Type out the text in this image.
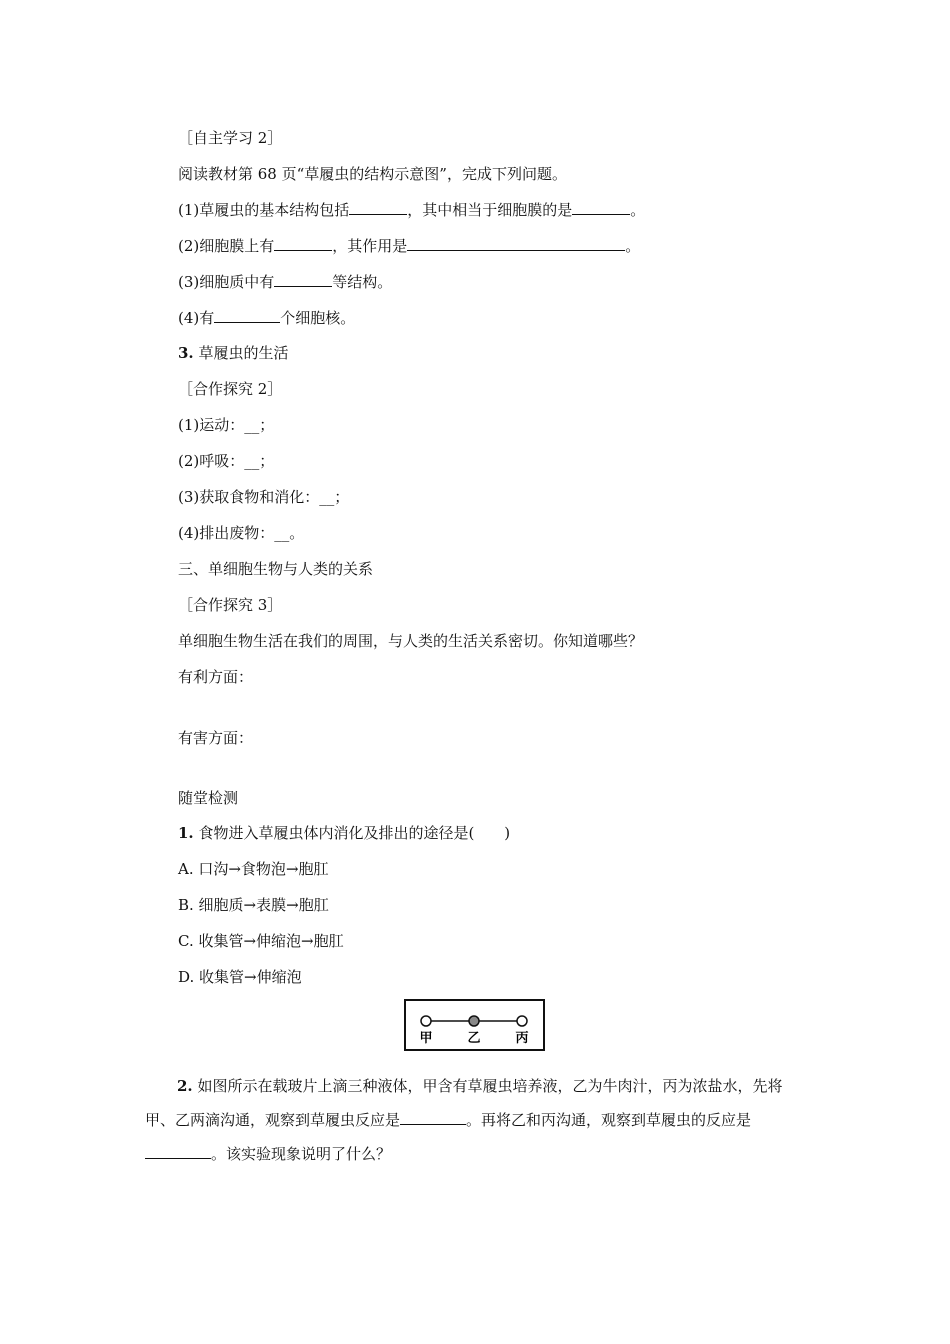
［自主学习 2］
阅读教材第 68 页“草履虫的结构示意图”，完成下列问题。
(1)草履虫的基本结构包括	，其中相当于细胞膜的是	。
(2)细胞膜上有	，其作用是	。
(3)细胞质中有	等结构。
(4)有	个细胞核。
3. 草履虫的生活
［合作探究 2］
(1)运动：__；
(2)呼吸：__；
(3)获取食物和消化：__；
(4)排出废物：__。
三、单细胞生物与人类的关系
［合作探究 3］
单细胞生物生活在我们的周围，与人类的生活关系密切。你知道哪些？
有利方面：
有害方面：
随堂检测
1. 食物进入草履虫体内消化及排出的途径是(　　)
A. 口沟→食物泡→胞肛
B. 细胞质→表膜→胞肛
C. 收集管→伸缩泡→胞肛
D. 收集管→伸缩泡
甲	乙	丙
2. 如图所示在载玻片上滴三种液体，甲含有草履虫培养液，乙为牛肉汁，丙为浓盐水，先将甲、乙两滴沟通，观察到草履虫反应是	。再将乙和丙沟通，观察到草履虫的反应是。该实验现象说明了什么？
